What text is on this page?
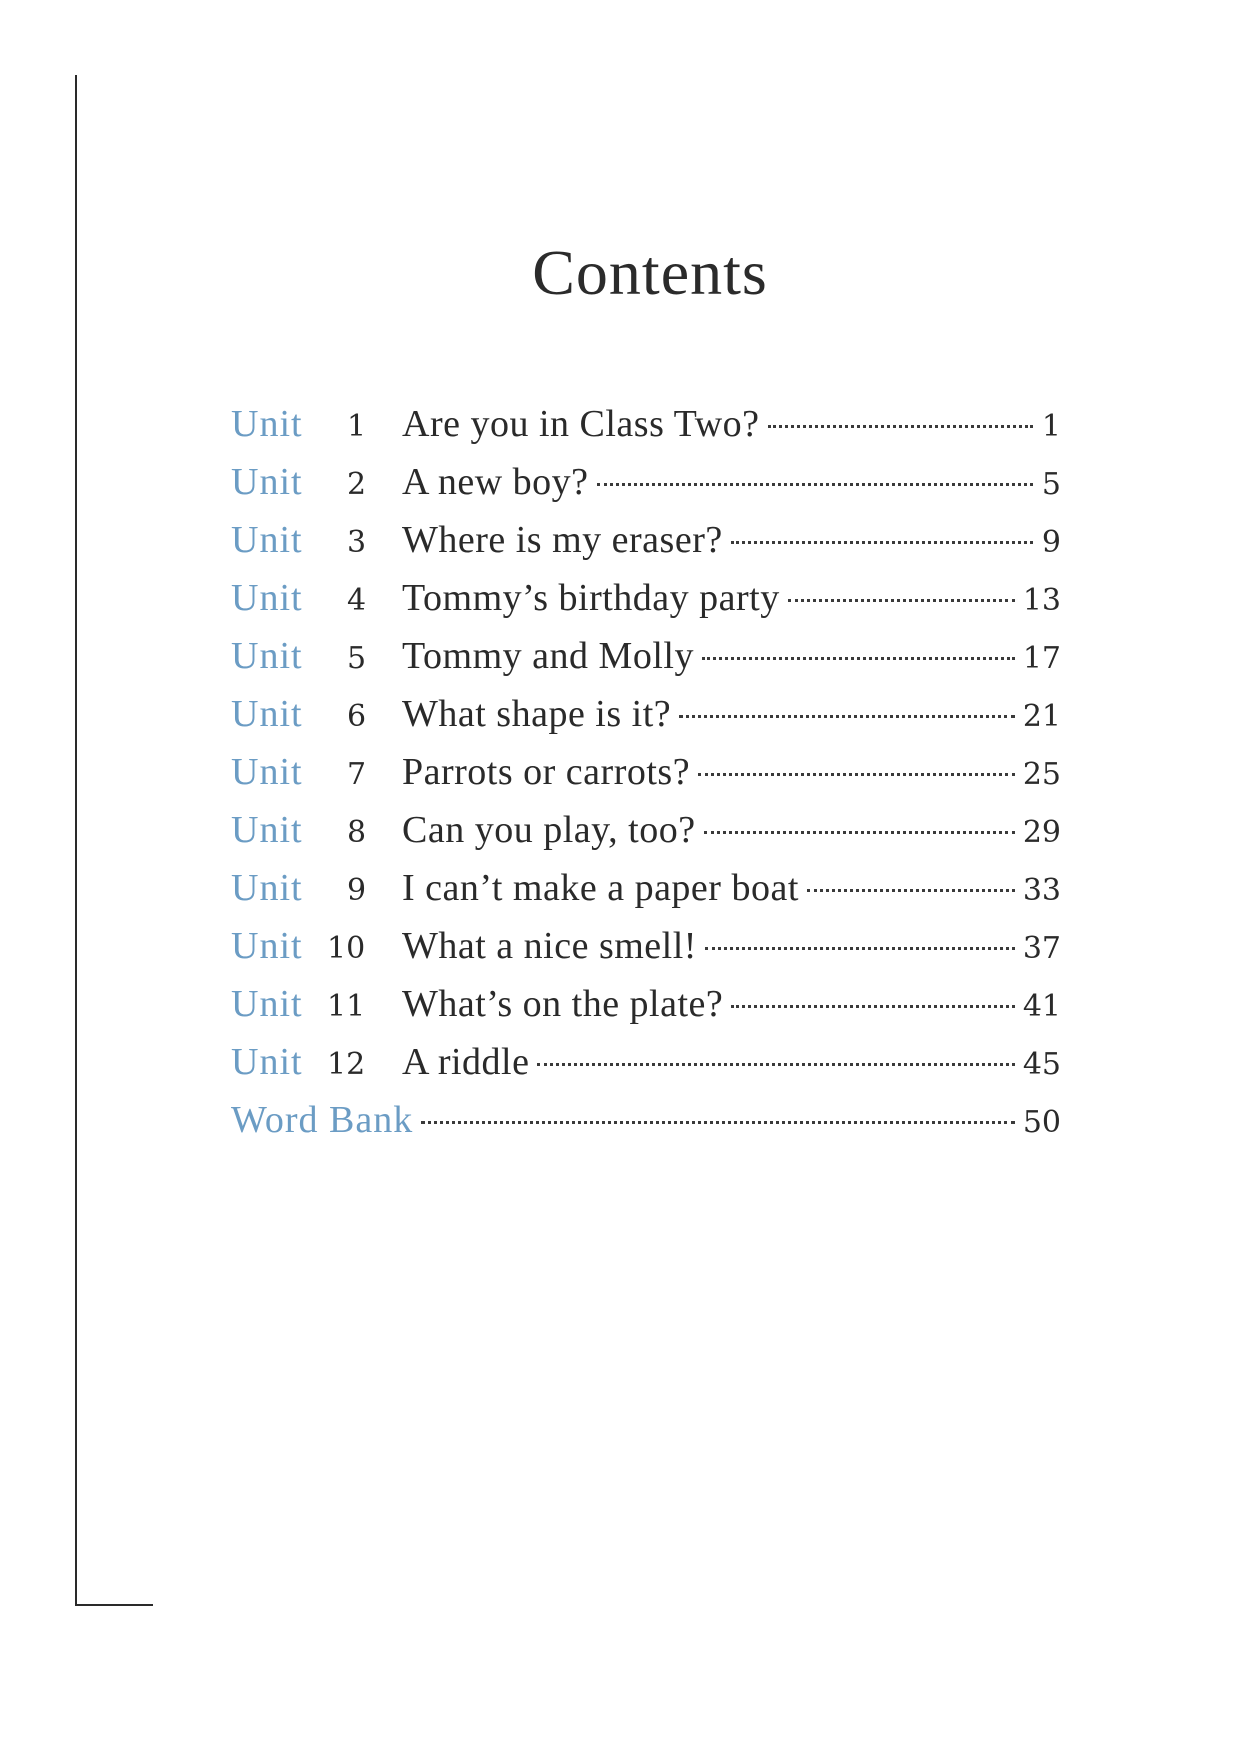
Contents
Unit	1 Are you in Class Two?	1
Unit	2 A new boy?	5
Unit	3 Where is my eraser?	9
Unit	4 Tommy’s birthday party	13
Unit	5 Tommy and Molly	17
Unit	6 What shape is it?	21
Unit	7 Parrots or carrots?	25
Unit	8 Can you play, too?	29
Unit	9 I can’t make a paper boat	33
Unit 10 What a nice smell!	37
Unit 11 What’s on the plate?	41
Unit 12 A riddle	45
Word Bank	50
